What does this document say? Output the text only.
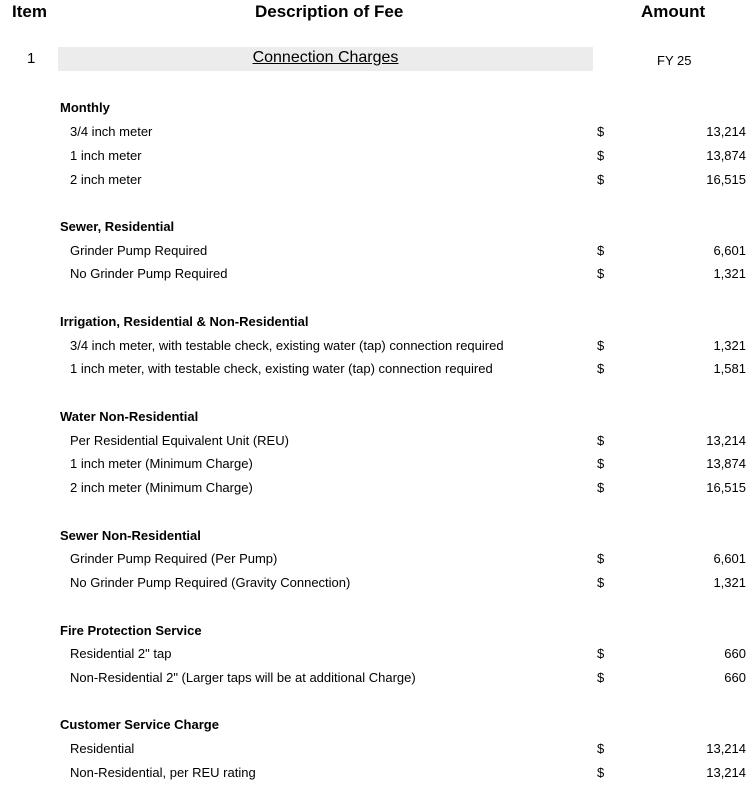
Item	Description of Fee	Amount
1	Connection Charges	FY 25
Monthly
3/4 inch meter	$	13,214
1 inch meter	$	13,874
2 inch meter	$	16,515
Sewer, Residential
Grinder Pump Required	$	6,601
No Grinder Pump Required	$	1,321
Irrigation, Residential & Non-Residential
3/4 inch meter, with testable check, existing water (tap) connection required	$	1,321
1 inch meter, with testable check, existing water (tap) connection required	$	1,581
Water Non-Residential
Per Residential Equivalent Unit (REU)	$	13,214
1 inch meter (Minimum Charge)	$	13,874
2 inch meter (Minimum Charge)	$	16,515
Sewer Non-Residential
Grinder Pump Required (Per Pump)	$	6,601
No Grinder Pump Required (Gravity Connection)	$	1,321
Fire Protection Service
Residential 2" tap	$	660
Non-Residential 2" (Larger taps will be at additional Charge)	$	660
Customer Service Charge
Residential	$	13,214
Non-Residential, per REU rating	$	13,214
